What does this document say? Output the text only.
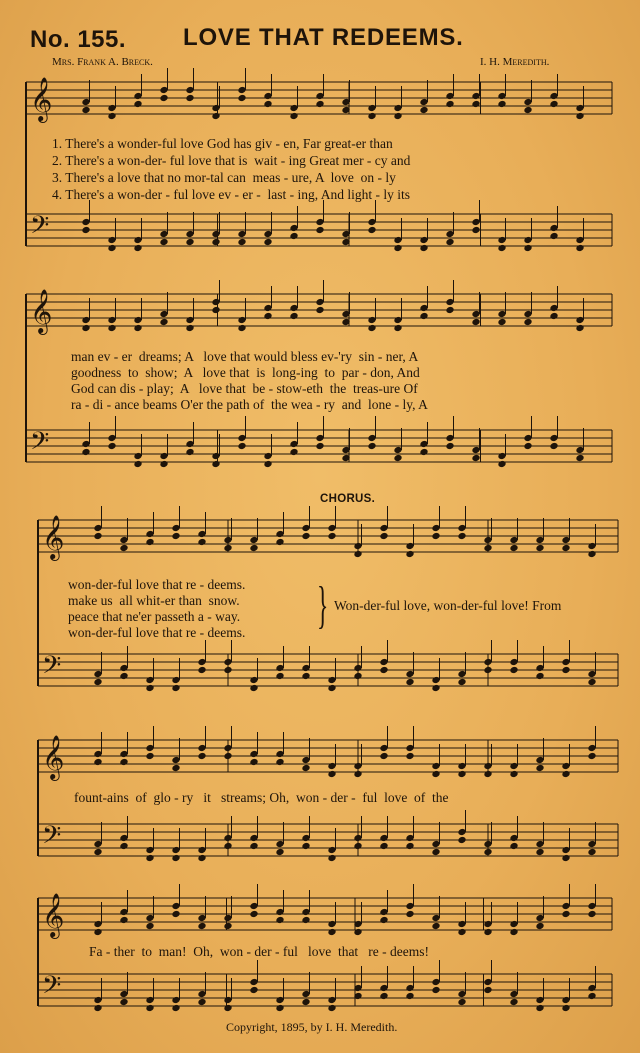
No. 155. LOVE THAT REDEEMS.
Mrs. Frank A. Breck.	I. H. Meredith.
𝄞
𝄢
𝄞
𝄢
𝄞
𝄢
𝄞
𝄢
𝄞
𝄢
1. There's a wonder-ful love God has giv - en, Far great-er than
2. There's a won-der- ful love that is  wait - ing Great mer - cy and
3. There's a love that no mor-tal can  meas - ure, A  love  on - ly
4. There's a won-der - ful love ev - er -  last - ing, And light - ly its
man ev - er  dreams; A   love that would bless ev-'ry  sin - ner, A
goodness  to  show;  A   love that  is  long-ing  to  par - don, And
God can dis - play;  A   love that  be - stow-eth  the  treas-ure Of
ra - di - ance beams O'er the path of  the wea - ry  and  lone - ly, A
CHORUS.
won-der-ful love that re - deems.
make us  all whit-er than  snow.
peace that ne'er passeth a - way.
won-der-ful love that re - deems. } Won-der-ful love, won-der-ful love! From
fount-ains  of  glo - ry   it   streams; Oh,  won - der -  ful  love  of  the
Fa - ther  to  man!  Oh,  won - der - ful   love  that   re - deems!
Copyright, 1895, by I. H. Meredith.
